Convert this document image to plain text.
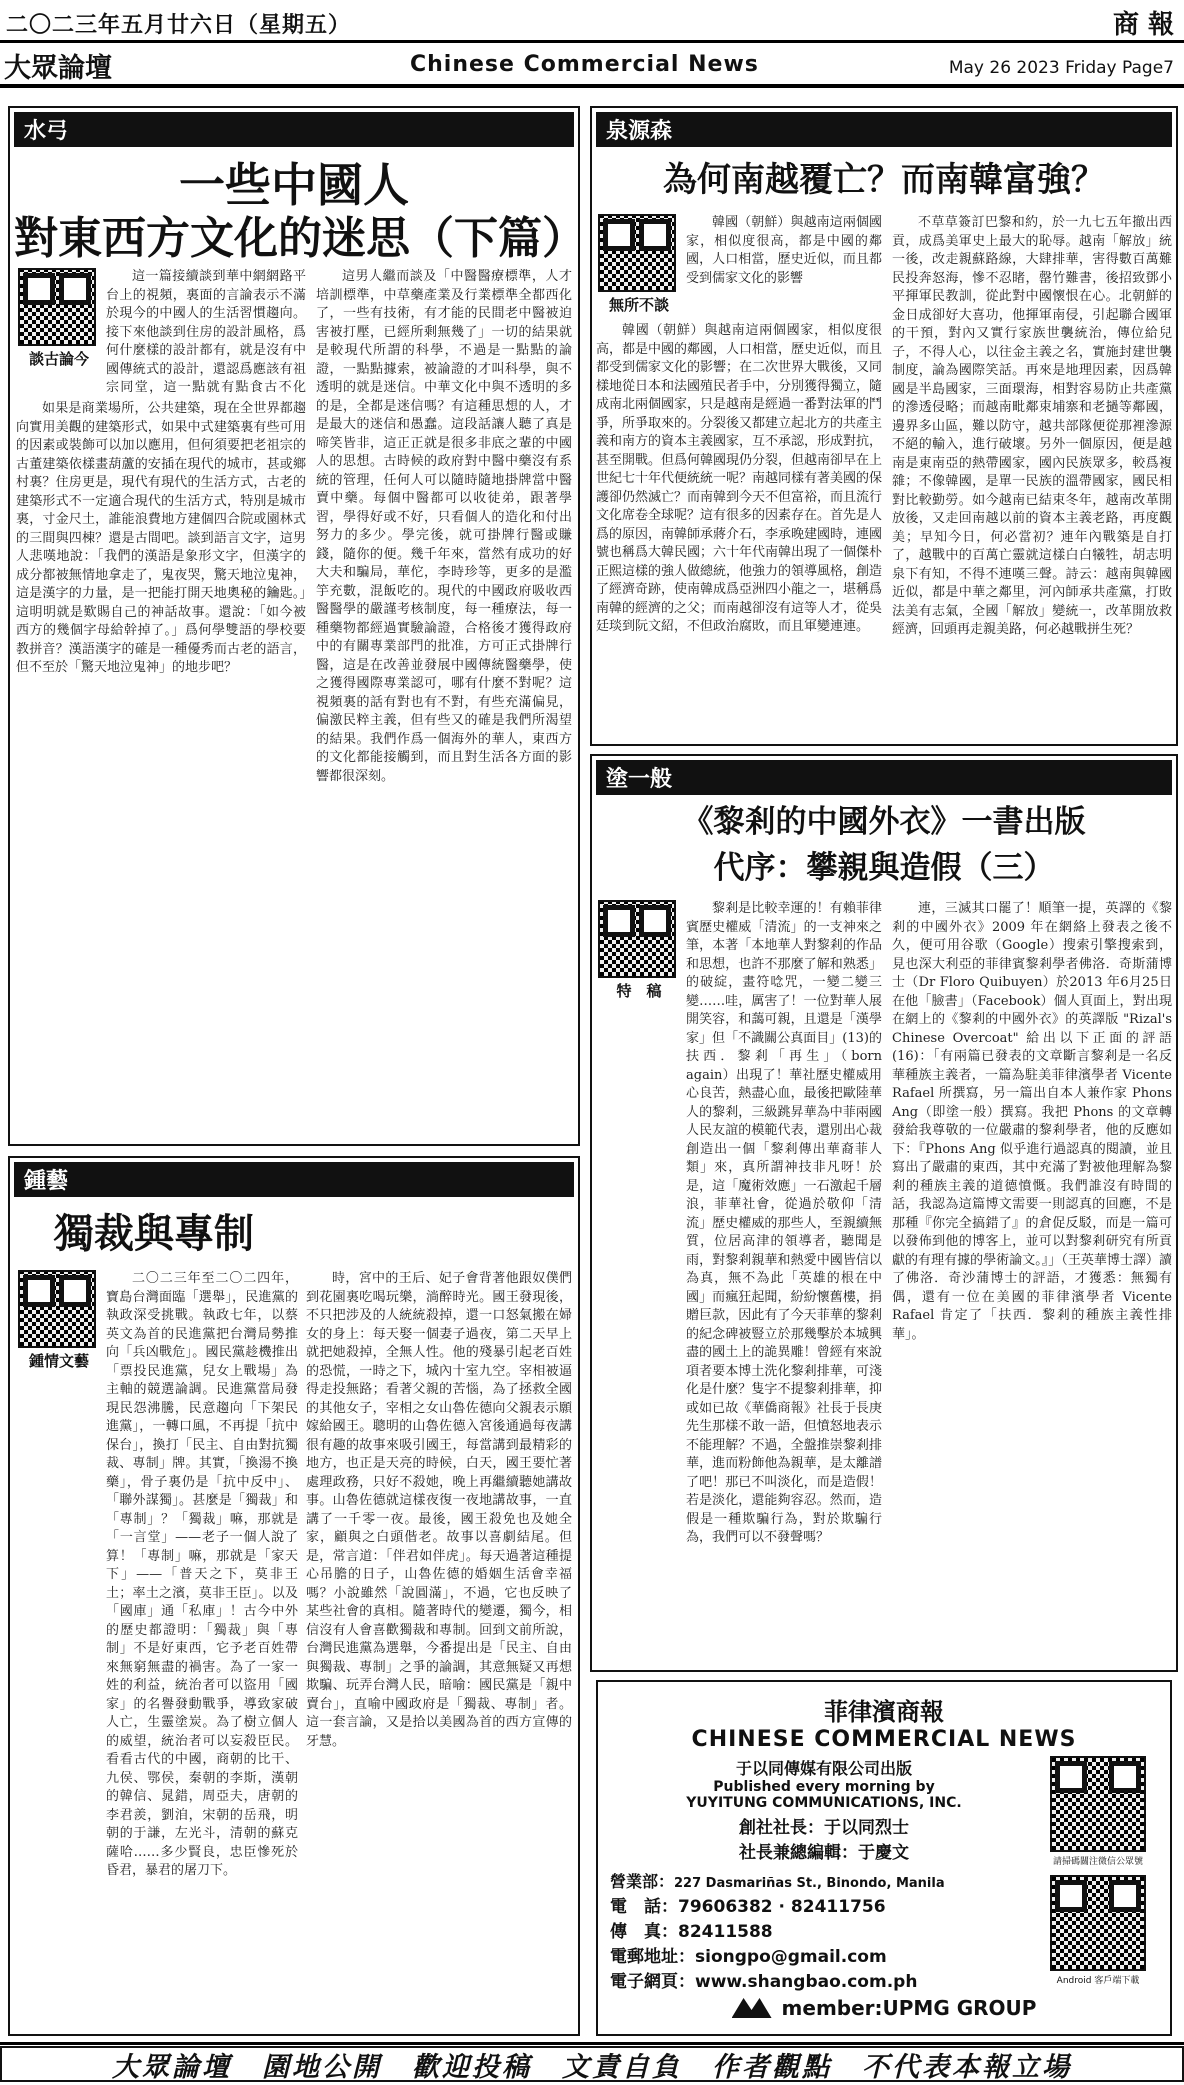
二〇二三年五月廿六日（星期五）	商 報
大眾論壇	Chinese Commercial News	May 26 2023 Friday Page7
水弓
一些中國人
對東西方文化的迷思（下篇）
談古論今

這一篇接續談到華中網網路平台上的視頻，裏面的言論表示不滿於現今的中國人的生活習慣趨向。接下來他談到住房的設計風格，爲何什麼樣的設計都有，就是沒有中國傳統式的設計，還認爲應該有祖宗同堂，這一點就有點食古不化

如果是商業場所，公共建築，現在全世界都趨向實用美觀的建築形式，如果中式建築裏有些可用的因素或裝飾可以加以應用，但何須要把老祖宗的古董建築依樣畫葫蘆的安插在現代的城市，甚或鄉村裏？住房更是，現代有現代的生活方式，古老的建築形式不一定適合現代的生活方式，特別是城市裏，寸金尺土，誰能浪費地方建個四合院或園林式的三間與四棟？還是古間吧。談到語言文字，這男人悲嘆地說：「我們的漢語是象形文字，但漢字的成分都被無情地拿走了，鬼夜哭，驚天地泣鬼神，這是漢字的力量，是一把能打開天地奧秘的鑰匙。」這明明就是歎賜自己的神話故事。還說：「如今被西方的幾個字母給幹掉了。」爲何學雙語的學校要教拼音？漢語漢字的確是一種優秀而古老的語言，但不至於「驚天地泣鬼神」的地步吧？

這男人繼而談及「中醫醫療標準，人才培訓標準，中草藥產業及行業標準全都西化了，一些有技術，有才能的民間老中醫被迫害被打壓，已經所剩無幾了」一切的結果就是較現代所謂的科學，不過是一點點的論證，一點點據索，被論證的才叫科學，與不透明的就是迷信。中華文化中與不透明的多的是，全都是迷信嗎？有這種思想的人，才是最大的迷信和愚蠢。這段話讓人聽了真是啼笑皆非，這正正就是很多非底之輩的中國人的思想。古時候的政府對中醫中藥沒有系統的管理，任何人可以隨時隨地掛牌當中醫賣中藥。每個中醫都可以收徒弟，跟著學習，學得好或不好，只看個人的造化和付出努力的多少。學完後，就可掛牌行醫或賺錢，隨你的便。幾千年來，當然有成功的好大夫和騙局，華佗，李時珍等，更多的是濫竽充數，混飯吃的。現代的中國政府吸收西醫醫學的嚴謹考核制度，每一種療法，每一種藥物都經過實驗論證，合格後才獲得政府中的有關專業部門的批准，方可正式掛牌行醫，這是在改善並發展中國傳統醫藥學，使之獲得國際專業認可，哪有什麼不對呢？這視頻裏的話有對也有不對，有些充滿偏見，偏激民粹主義，但有些又的確是我們所渴望的結果。我們作爲一個海外的華人，東西方的文化都能接觸到，而且對生活各方面的影響都很深刻。

泉源森
為何南越覆亡？而南韓富強？
無所不談

韓國（朝鮮）與越南這兩個國家，相似度很高，都是中國的鄰國，人口相當，歷史近似，而且都受到儒家文化的影響

韓國（朝鮮）與越南這兩個國家，相似度很高，都是中國的鄰國，人口相當，歷史近似，而且都受到儒家文化的影響；在二次世界大戰後，又同樣地從日本和法國殖民者手中，分別獲得獨立，隨成南北兩個國家，只是越南是經過一番對法軍的鬥爭，所爭取來的。分裂後又都建立起北方的共產主義和南方的資本主義國家，互不承認，形成對抗，甚至開戰。但爲何韓國現仍分裂，但越南卻早在上世紀七十年代便統統一呢？南越同樣有著美國的保護卻仍然滅亡？而南韓到今天不但富裕，而且流行文化席卷全球呢？這有很多的因素存在。首先是人爲的原因，南韓師承蔣介石，李承晚建國時，連國號也稱爲大韓民國；六十年代南韓出現了一個傑朴正熙這樣的強人做總統，他強力的領導風格，創造了經濟奇跡，使南韓成爲亞洲四小龍之一，堪稱爲南韓的經濟的之父；而南越卻沒有這等人才，從吳廷琰到阮文紹，不但政治腐敗，而且軍變連連。

不草草簽訂巴黎和約，於一九七五年撤出西貢，成爲美軍史上最大的恥辱。越南「解放」統一後，改走親蘇路線，大肆排華，害得數百萬難民投奔怒海，慘不忍睹，罄竹難書，後招致鄧小平揮軍民教訓，從此對中國懷恨在心。北朝鮮的金日成卻好大喜功，他揮軍南侵，引起聯合國軍的干預，對內又實行家族世襲統治，傳位給兒子，不得人心，以往金主義之名，實施封建世襲制度，論為國際笑話。再來是地理因素，因爲韓國是半島國家，三面環海，相對容易防止共產黨的滲透侵略；而越南毗鄰束埔寨和老撾等鄰國，邊界多山區，難以防守，越共部隊便從那裡滲源不絕的輸入，進行破壞。另外一個原因，便是越南是東南亞的熱帶國家，國內民族眾多，較爲複雜；不像韓國，是單一民族的溫帶國家，國民相對比較勤勞。如今越南已結束冬年，越南改革開放後，又走回南越以前的資本主義老路，再度觀美；早知今日，何必當初？連年內戰築是自打了，越戰中的百萬亡靈就這樣白白犧牲，胡志明泉下有知，不得不連嘆三聲。詩云：越南與韓國近似，都是中華之鄰里，河內師承共產黨，打敗法美有志氣，全國「解放」變統一，改革開放救經濟，回頭再走親美路，何必越戰拼生死？

塗一般
《黎剎的中國外衣》一書出版
代序：攀親與造假（三）
特　稿

黎剎是比較幸運的！有賴菲律賓歷史權威「清流」的一支神來之筆，本著「本地華人對黎剎的作品和思想，也許不那麼了解和熟悉」的破綻，畫符唸咒，一變二變三變……哇，厲害了！一位對華人展開笑容，和藹可親，且還是「漢學家」但「不識關公真面目」(13)的扶西．黎剎「再生」（born again）出現了！華社歷史權威用心良苦，熱盡心血，最後把歐陸華人的黎剎，三級跳昇華為中菲兩國人民友誼的模範代表，還別出心裁創造出一個「黎剎傳出華裔菲人類」來，真所謂神技非凡呀！於是，這「魔術效應」一石激起千層浪，菲華社會，從過於敬仰「清流」歷史權威的那些人，至親續無質，位居高津的領導者，聽聞是雨，對黎剎親華和熱愛中國皆信以為真，無不為此「英雄的根在中國」而瘋狂起聞，紛紛懷舊樓，捐贈巨款，因此有了今天菲華的黎剎的紀念碑被豎立於那幾擊於本城興盡的國土上的詭異雕！曾經有來說項者要本博土洗化黎剎排華，可淺化是什麼？隻字不提黎剎排華，抑或如已故《華僑商報》社長于長庚先生那樣不敢一語，但憤怒地表示不能理解？不過，全盤推崇黎剎排華，進而粉飾他為親華，是太離譜了吧！那已不叫淡化，而是造假！若是淡化，還能夠容忍。然而，造假是一種欺騙行為，對於欺騙行為，我們可以不發聲嗎？

連，三滅其口罷了！順筆一提，英譯的《黎剎的中國外衣》2009 年在網絡上發表之後不久，便可用谷歌（Google）搜索引擎搜索到，見也深大利亞的菲律賓黎剎學者佛洛．奇斯蒲博士（Dr Floro Quibuyen）於2013 年6月25日在他「臉書」（Facebook）個人頁面上，對出現在網上的《黎剎的中國外衣》的英譯版 "Rizal's Chinese Overcoat" 給出以下正面的評語(16)：「有兩篇已發表的文章斷言黎剎是一名反華種族主義者，一篇為駐美菲律濱學者 Vicente Rafael 所撰寫，另一篇出自本人兼作家 Phons Ang（即塗一般）撰寫。我把 Phons 的文章轉發給我尊敬的一位嚴肅的黎剎學者，他的反應如下：『Phons Ang 似乎進行過認真的閱讀，並且寫出了嚴肅的東西，其中充滿了對被他理解為黎剎的種族主義的道德憤慨。我們誰沒有時間的話，我認為這篇博文需要一則認真的回應，不是那種『你完全搞錯了』的倉促反駁，而是一篇可以發佈到他的博客上，並可以對黎剎研究有所貢獻的有理有據的學術論文。』」（王英華博士譯）讀了佛洛．奇沙蒲博士的評語，才獲悉：無獨有偶，還有一位在美國的菲律濱學者 Vicente Rafael 肯定了「扶西．黎剎的種族主義性排華」。

鍾藝
獨裁與專制
鍾情文藝

二〇二三年至二〇二四年，寶島台灣面臨「選舉」，民進黨的執政深受挑戰。執政七年，以蔡英文為首的民進黨把台灣局勢推向「兵凶戰危」。國民黨趁機推出「票投民進黨，兒女上戰場」為主軸的競選論調。民進黨當局發現民怨沸騰，民意趨向「下架民進黨」，一轉口風，不再提「抗中保台」，換打「民主、自由對抗獨裁、專制」牌。其實，「換湯不換藥」，骨子裏仍是「抗中反中」、「聯外謀獨」。甚麼是「獨裁」和「專制」？「獨裁」嘛，那就是「一言堂」——老子一個人說了算！「專制」嘛，那就是「家天下」——「普天之下，莫非王土；率土之濱，莫非王臣」。以及「國庫」通「私庫」！古今中外的歷史都證明：「獨裁」與「專制」不是好東西，它予老百姓帶來無窮無盡的禍害。為了一家一姓的利益，統治者可以盜用「國家」的名譽發動戰爭，導致家破人亡，生靈塗炭。為了樹立個人的威望，統治者可以妄殺臣民。看看古代的中國，商朝的比干、九侯、鄂侯，秦朝的李斯，漢朝的韓信、晁錯，周亞夫，唐朝的李君羨，劉洎，宋朝的岳飛，明朝的于謙，左光斗，清朝的蘇克薩哈……多少賢良，忠臣慘死於昏君，暴君的屠刀下。

時，宮中的王后、妃子會背著他跟奴僕們到花園裏吃喝玩樂，淌醉時光。國王發現後，不只把涉及的人統統殺掉，還一口怒氣搬在婦女的身上：每天娶一個妻子過夜，第二天早上就把她殺掉，全無人性。他的殘暴引起老百姓的恐慌，一時之下，城內十室九空。宰相被逼得走投無路；看著父親的苦惱，為了拯救全國的其他女子，宰相之女山魯佐德向父親表示願嫁給國王。聰明的山魯佐德入宮後通過每夜講很有趣的故事來吸引國王，每當講到最精彩的地方，也正是天亮的時候，白天，國王要忙著處理政務，只好不殺她，晚上再繼續聽她講故事。山魯佐德就這樣夜復一夜地講故事，一直講了一千零一夜。最後，國王殺免也及她全家，顧與之白頭偕老。故事以喜劇結尾。但是，常言道：「伴君如伴虎」。每天過著這種提心吊膽的日子，山魯佐德的婚姻生活會幸福嗎？小說雖然「說圓滿」，不過，它也反映了某些社會的真相。隨著時代的變遷，獨今，相信沒有人會喜歡獨裁和專制。回到文前所說，台灣民進黨為選舉，今番提出是「民主、自由與獨裁、專制」之爭的論調，其意無疑又再想欺騙、玩弄台灣人民，暗喻：國民黨是「親中賣台」，直喻中國政府是「獨裁、專制」者。這一套言論，又是拾以美國為首的西方宣傳的牙慧。

菲律濱商報
CHINESE COMMERCIAL NEWS
于以同傳媒有限公司出版
Published every morning by
YUYITUNG COMMUNICATIONS, INC.
創社社長：于以同烈士
社長兼總編輯：于慶文
營業部：227 Dasmariñas St., Binondo, Manila
電　話：79606382 · 82411756
傳　真：82411588
電郵地址：siongpo@gmail.com
電子網頁：www.shangbao.com.ph
請掃碼關注微信公眾號
Android 客戶端下載
member:UPMG GROUP
大眾論壇　園地公開　歡迎投稿　文責自負　作者觀點　不代表本報立場
